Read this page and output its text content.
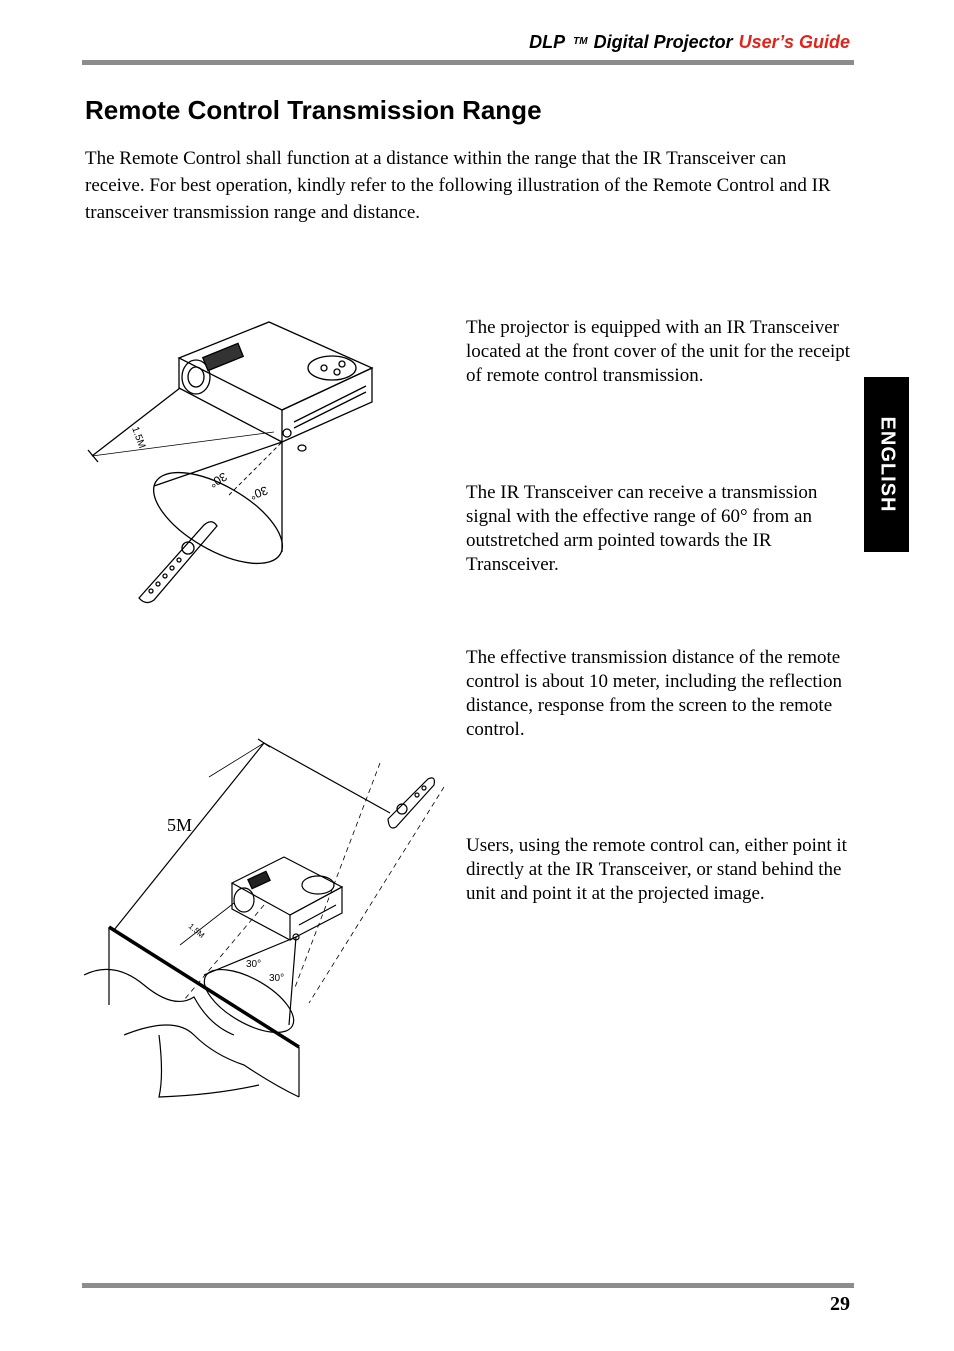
DLP ™ Digital Projector User’s Guide
Remote Control Transmission Range

The Remote Control shall function at a distance within the range that the IR Transceiver can receive. For best operation, kindly refer to the following illustration of the Remote Control and IR transceiver transmission range and distance.

The projector is equipped with an IR Transceiver located at the front cover of the unit for the receipt of remote control transmission.

The IR Transceiver can receive a transmission signal with the effective range of 60° from an outstretched arm pointed towards the IR Transceiver.

The effective transmission distance of the remote control is about 10 meter, including the reflection distance, response from the screen to the remote control.

Users, using the remote control can, either point it directly at the IR Transceiver, or stand behind the unit and point it at the projected image.

ENGLISH
1.5M
30°
30°
1.5M
30°
30°
5M
29
